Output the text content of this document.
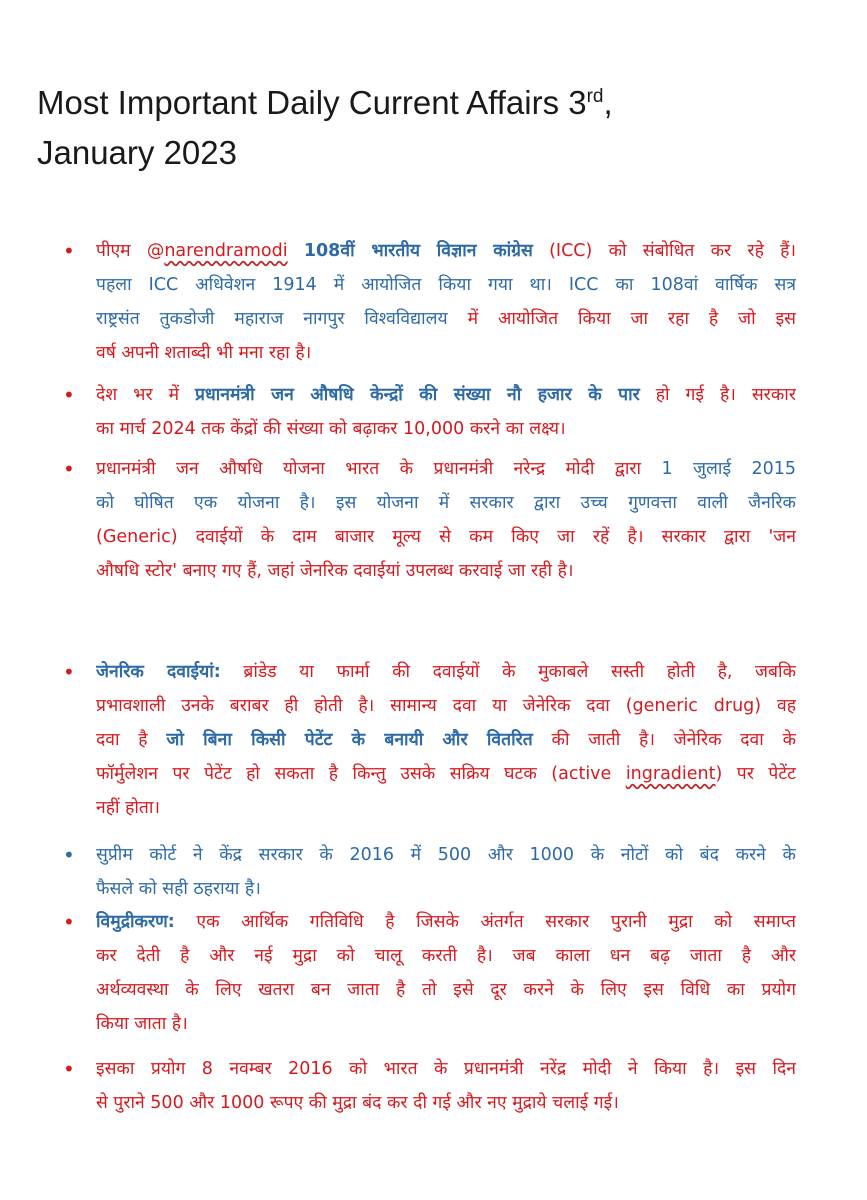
Most Important Daily Current Affairs 3rd,
January 2023
• पीएम @narendramodi 108वीं भारतीय विज्ञान कांग्रेस (ICC) को संबोधित कर रहे हैं।
पहला ICC अधिवेशन 1914 में आयोजित किया गया था। ICC का 108वां वार्षिक सत्र
राष्ट्रसंत तुकडोजी महाराज नागपुर विश्वविद्यालय में आयोजित किया जा रहा है जो इस
वर्ष अपनी शताब्दी भी मना रहा है।
• देश भर में प्रधानमंत्री जन औषधि केन्द्रों की संख्या नौ हजार के पार हो गई है। सरकार
का मार्च 2024 तक केंद्रों की संख्या को बढ़ाकर 10,000 करने का लक्ष्य।
• प्रधानमंत्री जन औषधि योजना भारत के प्रधानमंत्री नरेन्द्र मोदी द्वारा 1 जुलाई 2015
को घोषित एक योजना है। इस योजना में सरकार द्वारा उच्च गुणवत्ता वाली जैनरिक
(Generic) दवाईयों के दाम बाजार मूल्य से कम किए जा रहें है। सरकार द्वारा 'जन
औषधि स्टोर' बनाए गए हैं, जहां जेनरिक दवाईयां उपलब्ध करवाई जा रही है।
• जेनरिक दवाईयां: ब्रांडेड या फार्मा की दवाईयों के मुकाबले सस्ती होती है, जबकि
प्रभावशाली उनके बराबर ही होती है। सामान्य दवा या जेनेरिक दवा (generic drug) वह
दवा है जो बिना किसी पेटेंट के बनायी और वितरित की जाती है। जेनेरिक दवा के
फॉर्मुलेशन पर पेटेंट हो सकता है किन्तु उसके सक्रिय घटक (active ingradient) पर पेटेंट
नहीं होता।
• सुप्रीम कोर्ट ने केंद्र सरकार के 2016 में 500 और 1000 के नोटों को बंद करने के
फैसले को सही ठहराया है।
• विमुद्रीकरण: एक आर्थिक गतिविधि है जिसके अंतर्गत सरकार पुरानी मुद्रा को समाप्त
कर देती है और नई मुद्रा को चालू करती है। जब काला धन बढ़ जाता है और
अर्थव्यवस्था के लिए खतरा बन जाता है तो इसे दूर करने के लिए इस विधि का प्रयोग
किया जाता है।
• इसका प्रयोग 8 नवम्बर 2016 को भारत के प्रधानमंत्री नरेंद्र मोदी ने किया है। इस दिन
से पुराने 500 और 1000 रूपए की मुद्रा बंद कर दी गई और नए मुद्राये चलाई गई।
